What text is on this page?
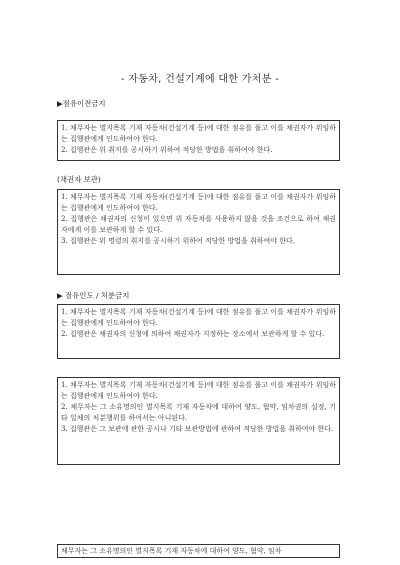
- 자동차, 건설기계에 대한 가처분 -
▶점유이전금지

1. 채무자는 별지목록 기재 자동차(건설기계 등)에 대한 점유를 풀고 이를 채권자가 위임하는 집행관에게 인도하여야 한다.

2. 집행관은 위 취지를 공시하기 위하여 적당한 방법을 취하여야 한다.

(채권자 보관)

1. 채무자는 별지목록 기재 자동차(건설기계 등)에 대한 점유를 풀고 이를 채권자가 위임하는 집행관에게 인도하여야 한다.

2. 집행관은 채권자의 신청이 있으면 위 자동차를 사용하지 않을 것을 조건으로 하여 채권자에게 이를 보관하게 할 수 있다.

3. 집행관은 위 명령의 취지를 공시하기 위하여 적당한 방법을 취하여야 한다.

▶ 점유인도 / 처분금지

1. 채무자는 별지목록 기재 자동차(건설기계 등)에 대한 점유를 풀고 이를 채권자가 위임하는 집행관에게 인도하여야 한다.

2. 집행관은 채권자의 신청에 의하여 채권자가 지정하는 장소에서 보관하게 할 수 있다.

1. 채무자는 별지목록 기재 자동차(건설기계 등)에 대한 점유를 풀고 이를 채권자가 위임하는 집행관에게 인도하여야 한다.

2. 채무자는 그 소유명의인 별지목록 기재 자동차에 대하여 양도, 혐약, 임차권의 설정, 기타 일체의 처분행위를 하여서는 아니된다.

3. 집행관은 그 보관에 관한 공시나 기타 보관방법에 관하여 적당한 방법을 취하여야 한다.

채무자는 그 소유명의인 별지목록 기재 자동차에 대하여 양도, 혐약, 임차
